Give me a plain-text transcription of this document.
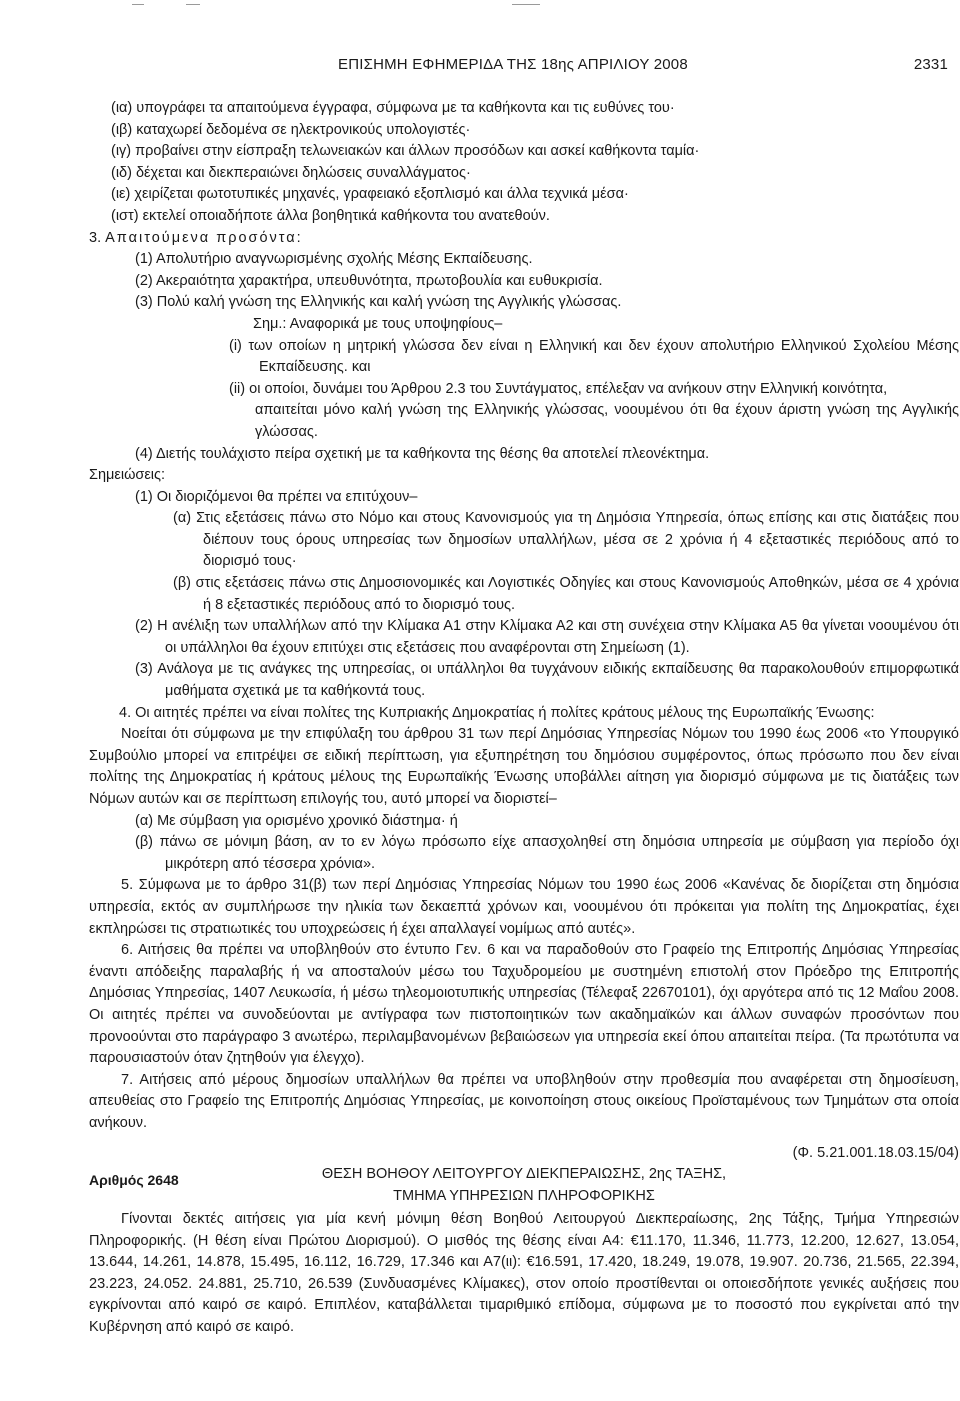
ΕΠΙΣΗΜΗ ΕΦΗΜΕΡΙΔΑ ΤΗΣ 18ης ΑΠΡΙΛΙΟΥ 2008	2331
(ια) υπογράφει τα απαιτούμενα έγγραφα, σύμφωνα με τα καθήκοντα και τις ευθύνες του·
(ιβ) καταχωρεί δεδομένα σε ηλεκτρονικούς υπολογιστές·
(ιγ) προβαίνει στην είσπραξη τελωνειακών και άλλων προσόδων και ασκεί καθήκοντα ταμία·
(ιδ) δέχεται και διεκπεραιώνει δηλώσεις συναλλάγματος·
(ιε) χειρίζεται φωτοτυπικές μηχανές, γραφειακό εξοπλισμό και άλλα τεχνικά μέσα·
(ιστ) εκτελεί οποιαδήποτε άλλα βοηθητικά καθήκοντα του ανατεθούν.
3. Απαιτούμενα προσόντα:
(1) Απολυτήριο αναγνωρισμένης σχολής Μέσης Εκπαίδευσης.
(2) Ακεραιότητα χαρακτήρα, υπευθυνότητα, πρωτοβουλία και ευθυκρισία.
(3) Πολύ καλή γνώση της Ελληνικής και καλή γνώση της Αγγλικής γλώσσας.
Σημ.: Αναφορικά με τους υποψηφίους–
(i) των οποίων η μητρική γλώσσα δεν είναι η Ελληνική και δεν έχουν απολυτήριο Ελληνικού Σχολείου Μέσης Εκπαίδευσης. και
(ii) οι οποίοι, δυνάμει του Άρθρου 2.3 του Συντάγματος, επέλεξαν να ανήκουν στην Ελληνική κοινότητα,
απαιτείται μόνο καλή γνώση της Ελληνικής γλώσσας, νοουμένου ότι θα έχουν άριστη γνώση της Αγγλικής γλώσσας.
(4) Διετής τουλάχιστο πείρα σχετική με τα καθήκοντα της θέσης θα αποτελεί πλεονέκτημα.
Σημειώσεις:
(1) Οι διοριζόμενοι θα πρέπει να επιτύχουν–
(α) Στις εξετάσεις πάνω στο Νόμο και στους Κανονισμούς για τη Δημόσια Υπηρεσία, όπως επίσης και στις διατάξεις που διέπουν τους όρους υπηρεσίας των δημοσίων υπαλλήλων, μέσα σε 2 χρόνια ή 4 εξεταστικές περιόδους από το διορισμό τους·
(β) στις εξετάσεις πάνω στις Δημοσιονομικές και Λογιστικές Οδηγίες και στους Κανονισμούς Αποθηκών, μέσα σε 4 χρόνια ή 8 εξεταστικές περιόδους από το διορισμό τους.
(2) Η ανέλιξη των υπαλλήλων από την Κλίμακα Α1 στην Κλίμακα Α2 και στη συνέχεια στην Κλίμακα Α5 θα γίνεται νοουμένου ότι οι υπάλληλοι θα έχουν επιτύχει στις εξετάσεις που αναφέρονται στη Σημείωση (1).
(3) Ανάλογα με τις ανάγκες της υπηρεσίας, οι υπάλληλοι θα τυγχάνουν ειδικής εκπαίδευσης θα παρακολουθούν επιμορφωτικά μαθήματα σχετικά με τα καθήκοντά τους.
4. Οι αιτητές πρέπει να είναι πολίτες της Κυπριακής Δημοκρατίας ή πολίτες κράτους μέλους της Ευρωπαϊκής Ένωσης:
Νοείται ότι σύμφωνα με την επιφύλαξη του άρθρου 31 των περί Δημόσιας Υπηρεσίας Νόμων του 1990 έως 2006 «το Υπουργικό Συμβούλιο μπορεί να επιτρέψει σε ειδική περίπτωση, για εξυπηρέτηση του δημόσιου συμφέροντος, όπως πρόσωπο που δεν είναι πολίτης της Δημοκρατίας ή κράτους μέλους της Ευρωπαϊκής Ένωσης υποβάλλει αίτηση για διορισμό σύμφωνα με τις διατάξεις των Νόμων αυτών και σε περίπτωση επιλογής του, αυτό μπορεί να διοριστεί–
(α) Με σύμβαση για ορισμένο χρονικό διάστημα· ή
(β) πάνω σε μόνιμη βάση, αν το εν λόγω πρόσωπο είχε απασχοληθεί στη δημόσια υπηρεσία με σύμβαση για περίοδο όχι μικρότερη από τέσσερα χρόνια».
5. Σύμφωνα με το άρθρο 31(β) των περί Δημόσιας Υπηρεσίας Νόμων του 1990 έως 2006 «Κανένας δε διορίζεται στη δημόσια υπηρεσία, εκτός αν συμπλήρωσε την ηλικία των δεκαεπτά χρόνων και, νοουμένου ότι πρόκειται για πολίτη της Δημοκρατίας, έχει εκπληρώσει τις στρατιωτικές του υποχρεώσεις ή έχει απαλλαγεί νομίμως από αυτές».
6. Αιτήσεις θα πρέπει να υποβληθούν στο έντυπο Γεν. 6 και να παραδοθούν στο Γραφείο της Επιτροπής Δημόσιας Υπηρεσίας έναντι απόδειξης παραλαβής ή να αποσταλούν μέσω του Ταχυδρομείου με συστημένη επιστολή στον Πρόεδρο της Επιτροπής Δημόσιας Υπηρεσίας, 1407 Λευκωσία, ή μέσω τηλεομοιοτυπικής υπηρεσίας (Τέλεφαξ 22670101), όχι αργότερα από τις 12 Μαΐου 2008. Οι αιτητές πρέπει να συνοδεύονται με αντίγραφα των πιστοποιητικών των ακαδημαϊκών και άλλων συναφών προσόντων που προνοούνται στο παράγραφο 3 ανωτέρω, περιλαμβανομένων βεβαιώσεων για υπηρεσία εκεί όπου απαιτείται πείρα. (Τα πρωτότυπα να παρουσιαστούν όταν ζητηθούν για έλεγχο).
7. Αιτήσεις από μέρους δημοσίων υπαλλήλων θα πρέπει να υποβληθούν στην προθεσμία που αναφέρεται στη δημοσίευση, απευθείας στο Γραφείο της Επιτροπής Δημόσιας Υπηρεσίας, με κοινοποίηση στους οικείους Προϊσταμένους των Τμημάτων στα οποία ανήκουν.
(Φ. 5.21.001.18.03.15/04)
Αριθμός 2648	ΘΕΣΗ ΒΟΗΘΟΥ ΛΕΙΤΟΥΡΓΟΥ ΔΙΕΚΠΕΡΑΙΩΣΗΣ, 2ης ΤΑΞΗΣ,
ΤΜΗΜΑ ΥΠΗΡΕΣΙΩΝ ΠΛΗΡΟΦΟΡΙΚΗΣ
Γίνονται δεκτές αιτήσεις για μία κενή μόνιμη θέση Βοηθού Λειτουργού Διεκπεραίωσης, 2ης Τάξης, Τμήμα Υπηρεσιών Πληροφορικής. (Η θέση είναι Πρώτου Διορισμού). Ο μισθός της θέσης είναι Α4: €11.170, 11.346, 11.773, 12.200, 12.627, 13.054, 13.644, 14.261, 14.878, 15.495, 16.112, 16.729, 17.346 και Α7(ιι): €16.591, 17.420, 18.249, 19.078, 19.907. 20.736, 21.565, 22.394, 23.223, 24.052. 24.881, 25.710, 26.539 (Συνδυασμένες Κλίμακες), στον οποίο προστίθενται οι οποιεσδήποτε γενικές αυξήσεις που εγκρίνονται από καιρό σε καιρό. Επιπλέον, καταβάλλεται τιμαριθμικό επίδομα, σύμφωνα με το ποσοστό που εγκρίνεται από την Κυβέρνηση από καιρό σε καιρό.
